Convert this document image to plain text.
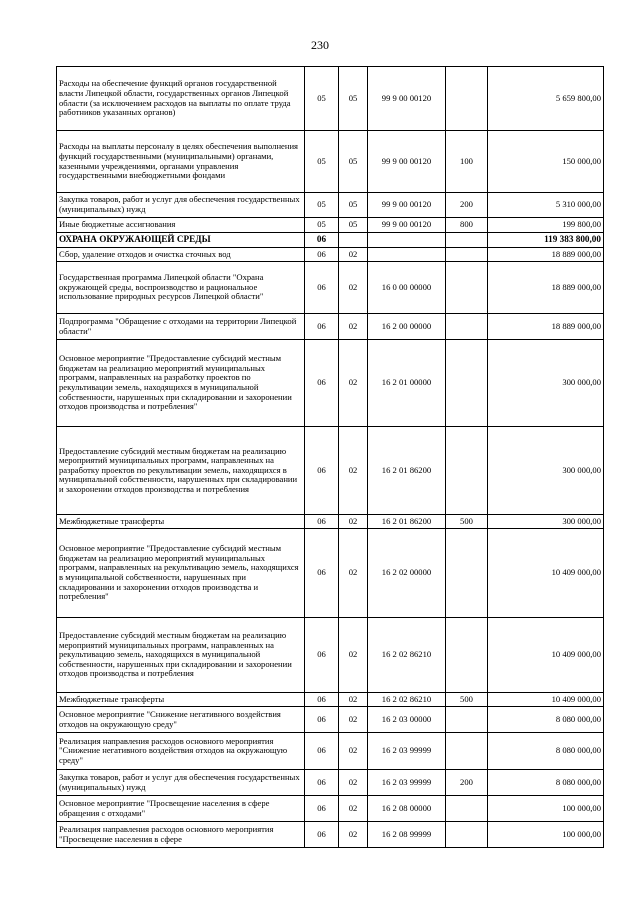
230
Расходы на обеспечение функций органов государственной власти Липецкой области, государственных органов Липецкой области (за исключением расходов на выплаты по оплате труда работников указанных органов)	05	05	99 9 00 00120		5 659 800,00
Расходы на выплаты персоналу в целях обеспечения выполнения функций государственными (муниципальными) органами, казенными учреждениями, органами управления государственными внебюджетными фондами	05	05	99 9 00 00120	100	150 000,00
Закупка товаров, работ и услуг для обеспечения государственных (муниципальных) нужд	05	05	99 9 00 00120	200	5 310 000,00
Иные бюджетные ассигнования	05	05	99 9 00 00120	800	199 800,00
ОХРАНА ОКРУЖАЮЩЕЙ СРЕДЫ	06				119 383 800,00
Сбор, удаление отходов и очистка сточных вод	06	02			18 889 000,00
Государственная программа Липецкой области "Охрана окружающей среды, воспроизводство и рациональное использование природных ресурсов Липецкой области"	06	02	16 0 00 00000		18 889 000,00
Подпрограмма "Обращение с отходами на территории Липецкой области"	06	02	16 2 00 00000		18 889 000,00
Основное мероприятие "Предоставление субсидий местным бюджетам на реализацию мероприятий муниципальных программ, направленных на разработку проектов по рекультивации земель, находящихся в муниципальной собственности, нарушенных при складировании и захоронении отходов производства и потребления"	06	02	16 2 01 00000		300 000,00
Предоставление субсидий местным бюджетам на реализацию мероприятий муниципальных программ, направленных на разработку проектов по рекультивации земель, находящихся в муниципальной собственности, нарушенных при складировании и захоронении отходов производства и потребления	06	02	16 2 01 86200		300 000,00
Межбюджетные трансферты	06	02	16 2 01 86200	500	300 000,00
Основное мероприятие "Предоставление субсидий местным бюджетам на реализацию мероприятий муниципальных программ, направленных на рекультивацию земель, находящихся в муниципальной собственности, нарушенных при складировании и захоронении отходов производства и потребления"	06	02	16 2 02 00000		10 409 000,00
Предоставление субсидий местным бюджетам на реализацию мероприятий муниципальных программ, направленных на рекультивацию земель, находящихся в муниципальной собственности, нарушенных при складировании и захоронении отходов производства и потребления	06	02	16 2 02 86210		10 409 000,00
Межбюджетные трансферты	06	02	16 2 02 86210	500	10 409 000,00
Основное мероприятие "Снижение негативного воздействия отходов на окружающую среду"	06	02	16 2 03 00000		8 080 000,00
Реализация направления расходов основного мероприятия "Снижение негативного воздействия отходов на окружающую среду"	06	02	16 2 03 99999		8 080 000,00
Закупка товаров, работ и услуг для обеспечения государственных (муниципальных) нужд	06	02	16 2 03 99999	200	8 080 000,00
Основное мероприятие "Просвещение населения в сфере обращения с отходами"	06	02	16 2 08 00000		100 000,00
Реализация направления расходов основного мероприятия "Просвещение населения в сфере	06	02	16 2 08 99999		100 000,00
